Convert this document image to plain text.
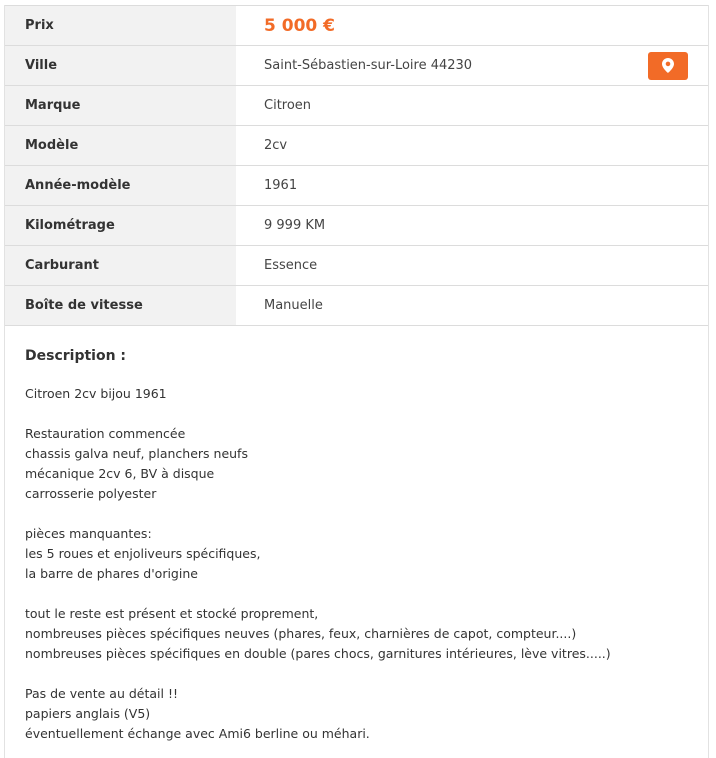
Prix	5 000 €
Ville	Saint-Sébastien-sur-Loire 44230

Marque	Citroen
Modèle	2cv
Année-modèle	1961
Kilométrage	9 999 KM
Carburant	Essence
Boîte de vitesse	Manuelle
Description :
Citroen 2cv bijou 1961
Restauration commencée
chassis galva neuf, planchers neufs
mécanique 2cv 6, BV à disque
carrosserie polyester
pièces manquantes:
les 5 roues et enjoliveurs spécifiques,
la barre de phares d'origine
tout le reste est présent et stocké proprement,
nombreuses pièces spécifiques neuves (phares, feux, charnières de capot, compteur....)
nombreuses pièces spécifiques en double (pares chocs, garnitures intérieures, lève vitres.....)
Pas de vente au détail !!
papiers anglais (V5)
éventuellement échange avec Ami6 berline ou méhari.
